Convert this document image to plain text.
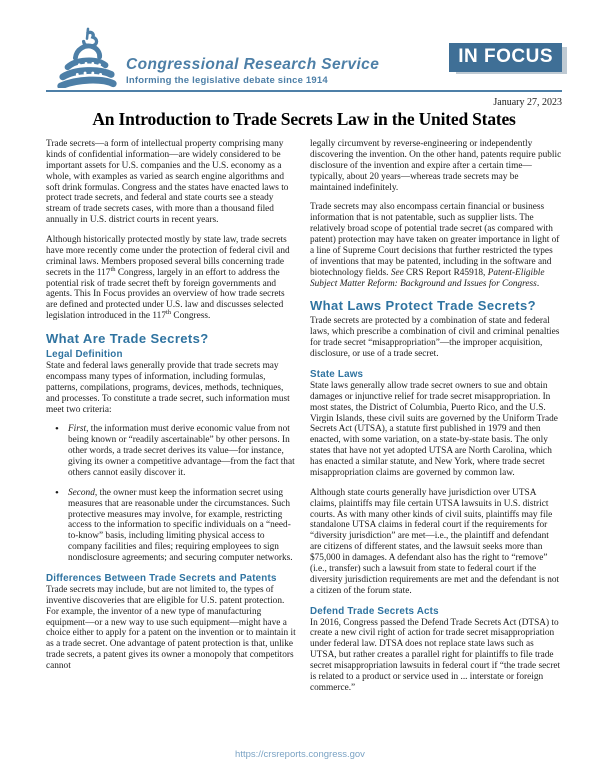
Congressional Research Service
Informing the legislative debate since 1914
IN FOCUS
January 27, 2023
An Introduction to Trade Secrets Law in the United States

Trade secrets—a form of intellectual property comprising many kinds of confidential information—are widely considered to be important assets for U.S. companies and the U.S. economy as a whole, with examples as varied as search engine algorithms and soft drink formulas. Congress and the states have enacted laws to protect trade secrets, and federal and state courts see a steady stream of trade secrets cases, with more than a thousand filed annually in U.S. district courts in recent years.

Although historically protected mostly by state law, trade secrets have more recently come under the protection of federal civil and criminal laws. Members proposed several bills concerning trade secrets in the 117th Congress, largely in an effort to address the potential risk of trade secret theft by foreign governments and agents. This In Focus provides an overview of how trade secrets are defined and protected under U.S. law and discusses selected legislation introduced in the 117th Congress.

What Are Trade Secrets?
Legal Definition

State and federal laws generally provide that trade secrets may encompass many types of information, including formulas, patterns, compilations, programs, devices, methods, techniques, and processes. To constitute a trade secret, such information must meet two criteria:

• First, the information must derive economic value from not being known or “readily ascertainable” by other persons. In other words, a trade secret derives its value—for instance, giving its owner a competitive advantage—from the fact that others cannot easily discover it.
• Second, the owner must keep the information secret using measures that are reasonable under the circumstances. Such protective measures may involve, for example, restricting access to the information to specific individuals on a “need-to-know” basis, including limiting physical access to company facilities and files; requiring employees to sign nondisclosure agreements; and securing computer networks.
Differences Between Trade Secrets and Patents

Trade secrets may include, but are not limited to, the types of inventive discoveries that are eligible for U.S. patent protection. For example, the inventor of a new type of manufacturing equipment—or a new way to use such equipment—might have a choice either to apply for a patent on the invention or to maintain it as a trade secret. One advantage of patent protection is that, unlike trade secrets, a patent gives its owner a monopoly that competitors cannot

legally circumvent by reverse-engineering or independently discovering the invention. On the other hand, patents require public disclosure of the invention and expire after a certain time—typically, about 20 years—whereas trade secrets may be maintained indefinitely.

Trade secrets may also encompass certain financial or business information that is not patentable, such as supplier lists. The relatively broad scope of potential trade secret (as compared with patent) protection may have taken on greater importance in light of a line of Supreme Court decisions that further restricted the types of inventions that may be patented, including in the software and biotechnology fields. See CRS Report R45918, Patent-Eligible Subject Matter Reform: Background and Issues for Congress.

What Laws Protect Trade Secrets?

Trade secrets are protected by a combination of state and federal laws, which prescribe a combination of civil and criminal penalties for trade secret “misappropriation”—the improper acquisition, disclosure, or use of a trade secret.

State Laws

State laws generally allow trade secret owners to sue and obtain damages or injunctive relief for trade secret misappropriation. In most states, the District of Columbia, Puerto Rico, and the U.S. Virgin Islands, these civil suits are governed by the Uniform Trade Secrets Act (UTSA), a statute first published in 1979 and then enacted, with some variation, on a state-by-state basis. The only states that have not yet adopted UTSA are North Carolina, which has enacted a similar statute, and New York, where trade secret misappropriation claims are governed by common law.

Although state courts generally have jurisdiction over UTSA claims, plaintiffs may file certain UTSA lawsuits in U.S. district courts. As with many other kinds of civil suits, plaintiffs may file standalone UTSA claims in federal court if the requirements for “diversity jurisdiction” are met—i.e., the plaintiff and defendant are citizens of different states, and the lawsuit seeks more than $75,000 in damages. A defendant also has the right to “remove” (i.e., transfer) such a lawsuit from state to federal court if the diversity jurisdiction requirements are met and the defendant is not a citizen of the forum state.

Defend Trade Secrets Acts

In 2016, Congress passed the Defend Trade Secrets Act (DTSA) to create a new civil right of action for trade secret misappropriation under federal law. DTSA does not replace state laws such as UTSA, but rather creates a parallel right for plaintiffs to file trade secret misappropriation lawsuits in federal court if “the trade secret is related to a product or service used in ... interstate or foreign commerce.”

https://crsreports.congress.gov
